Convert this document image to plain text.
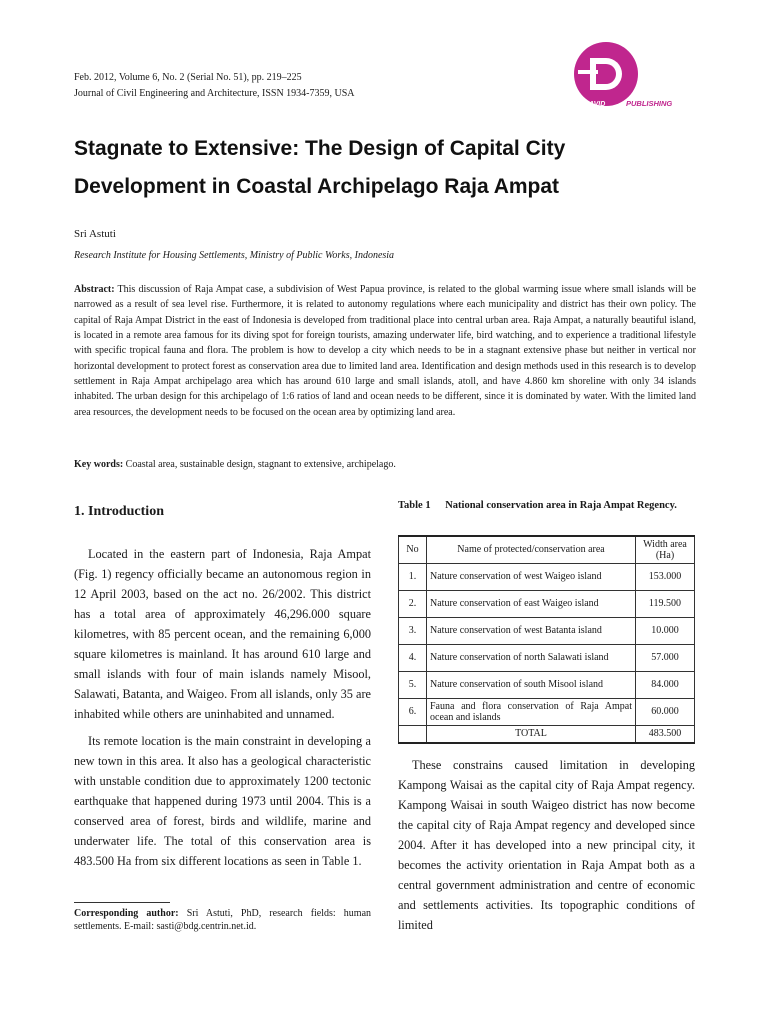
Feb. 2012, Volume 6, No. 2 (Serial No. 51), pp. 219–225
Journal of Civil Engineering and Architecture, ISSN 1934-7359, USA
DAVID	PUBLISHING
Stagnate to Extensive: The Design of Capital City
Development in Coastal Archipelago Raja Ampat
Sri Astuti
Research Institute for Housing Settlements, Ministry of Public Works, Indonesia
Abstract: This discussion of Raja Ampat case, a subdivision of West Papua province, is related to the global warming issue where small islands will be narrowed as a result of sea level rise. Furthermore, it is related to autonomy regulations where each municipality and district has their own policy. The capital of Raja Ampat District in the east of Indonesia is developed from traditional place into central urban area. Raja Ampat, a naturally beautiful island, is located in a remote area famous for its diving spot for foreign tourists, amazing underwater life, bird watching, and to experience a traditional lifestyle with specific tropical fauna and flora. The problem is how to develop a city which needs to be in a stagnant extensive phase but neither in vertical nor horizontal development to protect forest as conservation area due to limited land area. Identification and design methods used in this research is to develop settlement in Raja Ampat archipelago area which has around 610 large and small islands, atoll, and have 4.860 km shoreline with only 34 islands inhabited. The urban design for this archipelago of 1:6 ratios of land and ocean needs to be different, since it is dominated by water. With the limited land area resources, the development needs to be focused on the ocean area by optimizing land area.
Key words: Coastal area, sustainable design, stagnant to extensive, archipelago.
1. Introduction

Located in the eastern part of Indonesia, Raja Ampat (Fig. 1) regency officially became an autonomous region in 12 April 2003, based on the act no. 26/2002. This district has a total area of approximately 46,296.000 square kilometres, with 85 percent ocean, and the remaining 6,000 square kilometres is mainland. It has around 610 large and small islands with four of main islands namely Misool, Salawati, Batanta, and Waigeo. From all islands, only 35 are inhabited while others are uninhabited and unnamed.

Its remote location is the main constraint in developing a new town in this area. It also has a geological characteristic with unstable condition due to approximately 1200 tectonic earthquake that happened during 1973 until 2004. This is a conserved area of forest, birds and wildlife, marine and underwater life. The total of this conservation area is 483.500 Ha from six different locations as seen in Table 1.

Corresponding author: Sri Astuti, PhD, research fields: human settlements. E-mail: sasti@bdg.centrin.net.id.
Table 1 National conservation area in Raja Ampat Regency.
No	Name of protected/conservation area	Width area (Ha)
1.	Nature conservation of west Waigeo island	153.000
2.	Nature conservation of east Waigeo island	119.500
3.	Nature conservation of west Batanta island	10.000
4.	Nature conservation of north Salawati island	57.000
5.	Nature conservation of south Misool island	84.000
6.	Fauna and flora conservation of Raja Ampat ocean and islands	60.000
	TOTAL	483.500

These constrains caused limitation in developing Kampong Waisai as the capital city of Raja Ampat regency. Kampong Waisai in south Waigeo district has now become the capital city of Raja Ampat regency and developed since 2004. After it has developed into a new principal city, it becomes the activity orientation in Raja Ampat both as a central government administration and centre of economic and settlements activities. Its topographic conditions of limited
